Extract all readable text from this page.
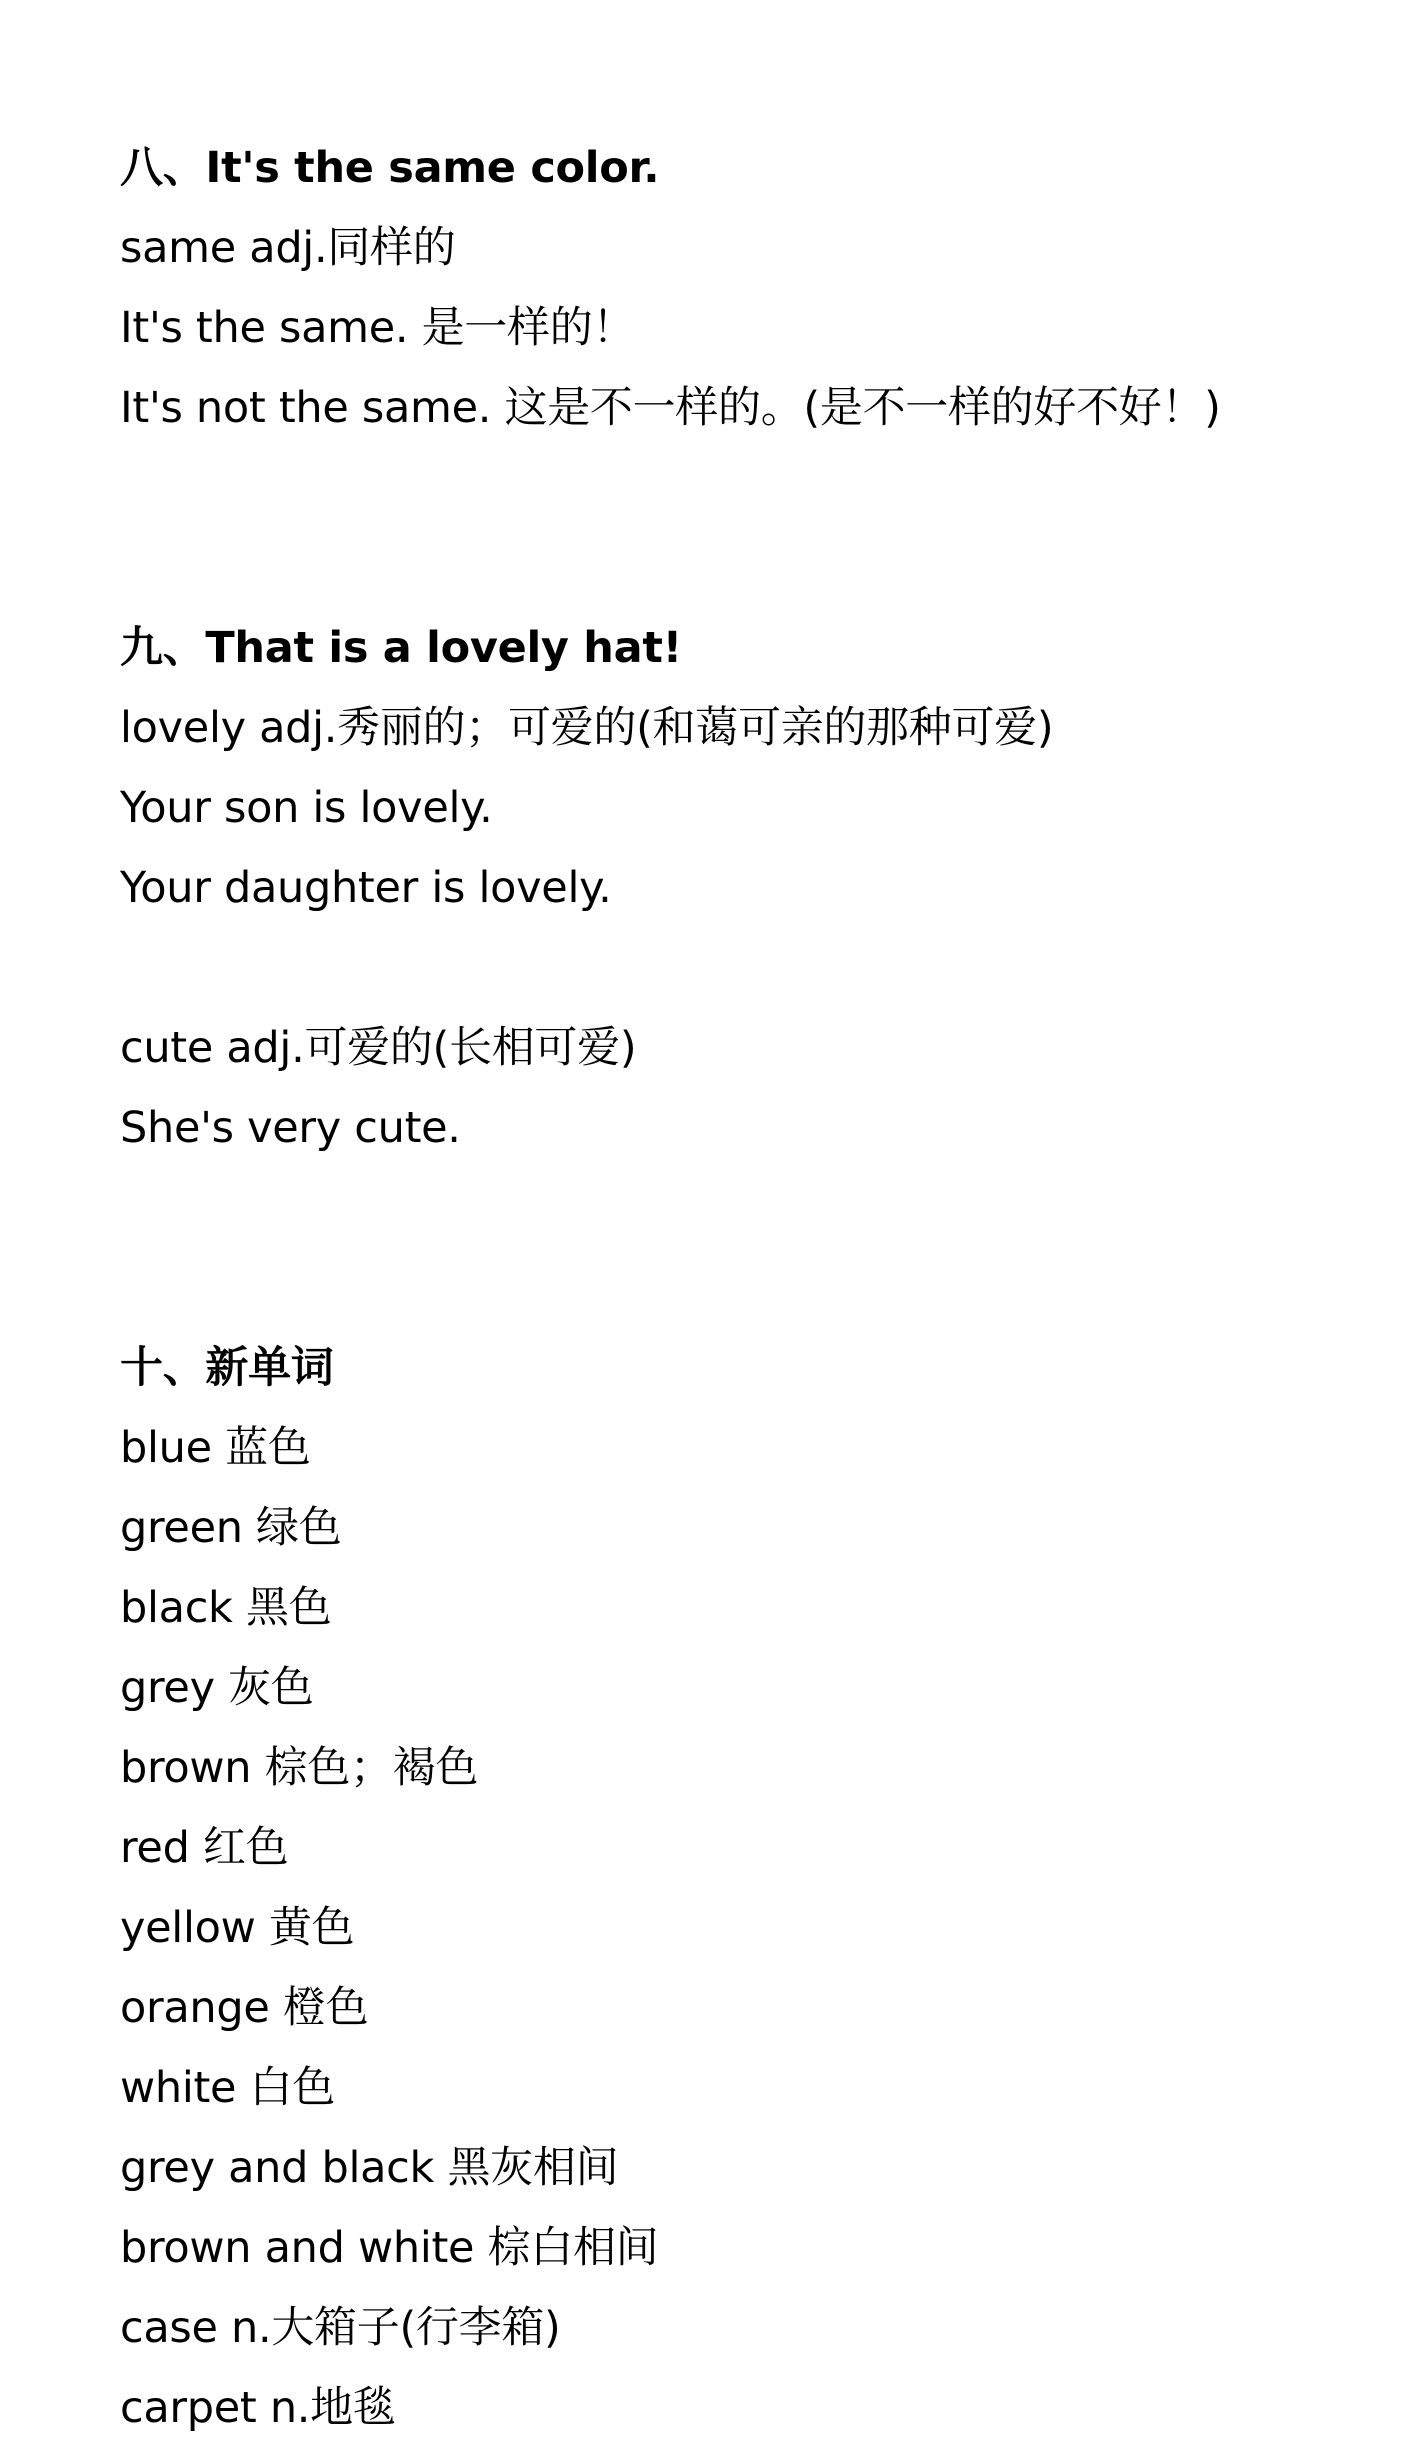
八、It's the same color.
same adj.同样的
It's the same. 是一样的！
It's not the same. 这是不一样的。(是不一样的好不好！)
九、That is a lovely hat!
lovely adj.秀丽的；可爱的(和蔼可亲的那种可爱)
Your son is lovely.
Your daughter is lovely.
cute adj.可爱的(长相可爱)
She's very cute.
十、新单词
blue 蓝色
green 绿色
black 黑色
grey 灰色
brown 棕色；褐色
red 红色
yellow 黄色
orange 橙色
white 白色
grey and black 黑灰相间
brown and white 棕白相间
case n.大箱子(行李箱)
carpet n.地毯
